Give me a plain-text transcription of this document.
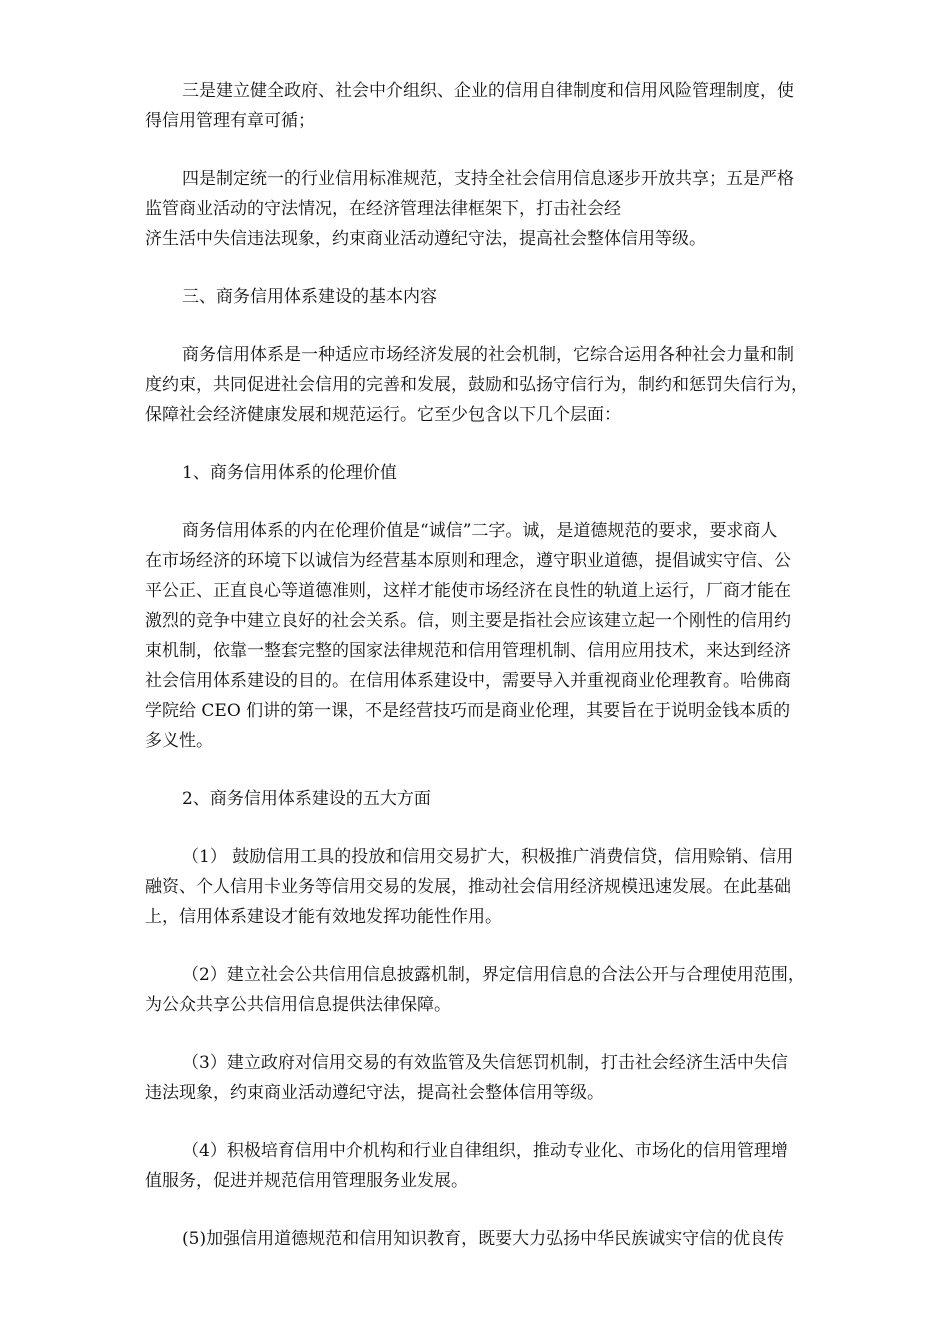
三是建立健全政府、社会中介组织、企业的信用自律制度和信用风险管理制度，使
得信用管理有章可循；
四是制定统一的行业信用标准规范，支持全社会信用信息逐步开放共享；五是严格
监管商业活动的守法情况，在经济管理法律框架下，打击社会经
济生活中失信违法现象，约束商业活动遵纪守法，提高社会整体信用等级。
三、商务信用体系建设的基本内容
商务信用体系是一种适应市场经济发展的社会机制，它综合运用各种社会力量和制
度约束，共同促进社会信用的完善和发展，鼓励和弘扬守信行为，制约和惩罚失信行为，
保障社会经济健康发展和规范运行。它至少包含以下几个层面：
1、商务信用体系的伦理价值
商务信用体系的内在伦理价值是“诚信”二字。诚，是道德规范的要求，要求商人
在市场经济的环境下以诚信为经营基本原则和理念，遵守职业道德，提倡诚实守信、公
平公正、正直良心等道德准则，这样才能使市场经济在良性的轨道上运行，厂商才能在
激烈的竞争中建立良好的社会关系。信，则主要是指社会应该建立起一个刚性的信用约
束机制，依靠一整套完整的国家法律规范和信用管理机制、信用应用技术，来达到经济
社会信用体系建设的目的。在信用体系建设中，需要导入并重视商业伦理教育。哈佛商
学院给 CEO 们讲的第一课，不是经营技巧而是商业伦理，其要旨在于说明金钱本质的
多义性。
2、商务信用体系建设的五大方面
（1） 鼓励信用工具的投放和信用交易扩大，积极推广消费信贷，信用赊销、信用
融资、个人信用卡业务等信用交易的发展，推动社会信用经济规模迅速发展。在此基础
上，信用体系建设才能有效地发挥功能性作用。
（2）建立社会公共信用信息披露机制，界定信用信息的合法公开与合理使用范围，
为公众共享公共信用信息提供法律保障。
（3）建立政府对信用交易的有效监管及失信惩罚机制，打击社会经济生活中失信
违法现象，约束商业活动遵纪守法，提高社会整体信用等级。
（4）积极培育信用中介机构和行业自律组织，推动专业化、市场化的信用管理增
值服务，促进并规范信用管理服务业发展。
(5)加强信用道德规范和信用知识教育，既要大力弘扬中华民族诚实守信的优良传
